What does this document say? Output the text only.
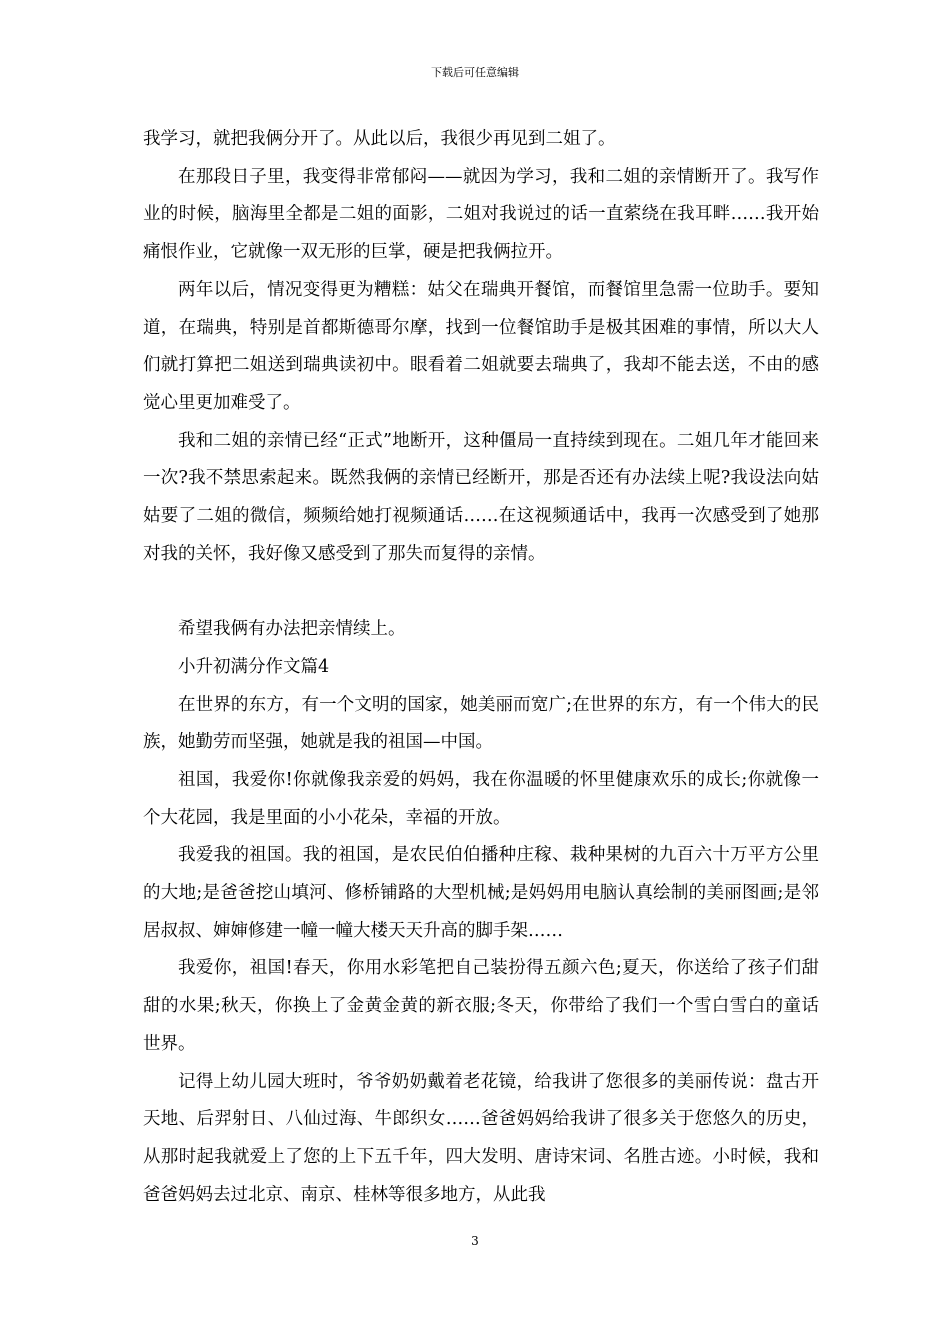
下载后可任意编辑

我学习，就把我俩分开了。从此以后，我很少再见到二姐了。

在那段日子里，我变得非常郁闷——就因为学习，我和二姐的亲情断开了。我写作业的时候，脑海里全都是二姐的面影，二姐对我说过的话一直萦绕在我耳畔……我开始痛恨作业，它就像一双无形的巨掌，硬是把我俩拉开。

两年以后，情况变得更为糟糕：姑父在瑞典开餐馆，而餐馆里急需一位助手。要知道，在瑞典，特别是首都斯德哥尔摩，找到一位餐馆助手是极其困难的事情，所以大人们就打算把二姐送到瑞典读初中。眼看着二姐就要去瑞典了，我却不能去送，不由的感觉心里更加难受了。

我和二姐的亲情已经“正式”地断开，这种僵局一直持续到现在。二姐几年才能回来一次?我不禁思索起来。既然我俩的亲情已经断开，那是否还有办法续上呢?我设法向姑姑要了二姐的微信，频频给她打视频通话……在这视频通话中，我再一次感受到了她那对我的关怀，我好像又感受到了那失而复得的亲情。

希望我俩有办法把亲情续上。

小升初满分作文篇4

在世界的东方，有一个文明的国家，她美丽而宽广;在世界的东方，有一个伟大的民族，她勤劳而坚强，她就是我的祖国—中国。

祖国，我爱你!你就像我亲爱的妈妈，我在你温暖的怀里健康欢乐的成长;你就像一个大花园，我是里面的小小花朵，幸福的开放。

我爱我的祖国。我的祖国，是农民伯伯播种庄稼、栽种果树的九百六十万平方公里的大地;是爸爸挖山填河、修桥铺路的大型机械;是妈妈用电脑认真绘制的美丽图画;是邻居叔叔、婶婶修建一幢一幢大楼天天升高的脚手架……

我爱你，祖国!春天，你用水彩笔把自己装扮得五颜六色;夏天，你送给了孩子们甜甜的水果;秋天，你换上了金黄金黄的新衣服;冬天，你带给了我们一个雪白雪白的童话世界。

记得上幼儿园大班时，爷爷奶奶戴着老花镜，给我讲了您很多的美丽传说：盘古开天地、后羿射日、八仙过海、牛郎织女……爸爸妈妈给我讲了很多关于您悠久的历史，从那时起我就爱上了您的上下五千年，四大发明、唐诗宋词、名胜古迹。小时候，我和爸爸妈妈去过北京、南京、桂林等很多地方，从此我

3
